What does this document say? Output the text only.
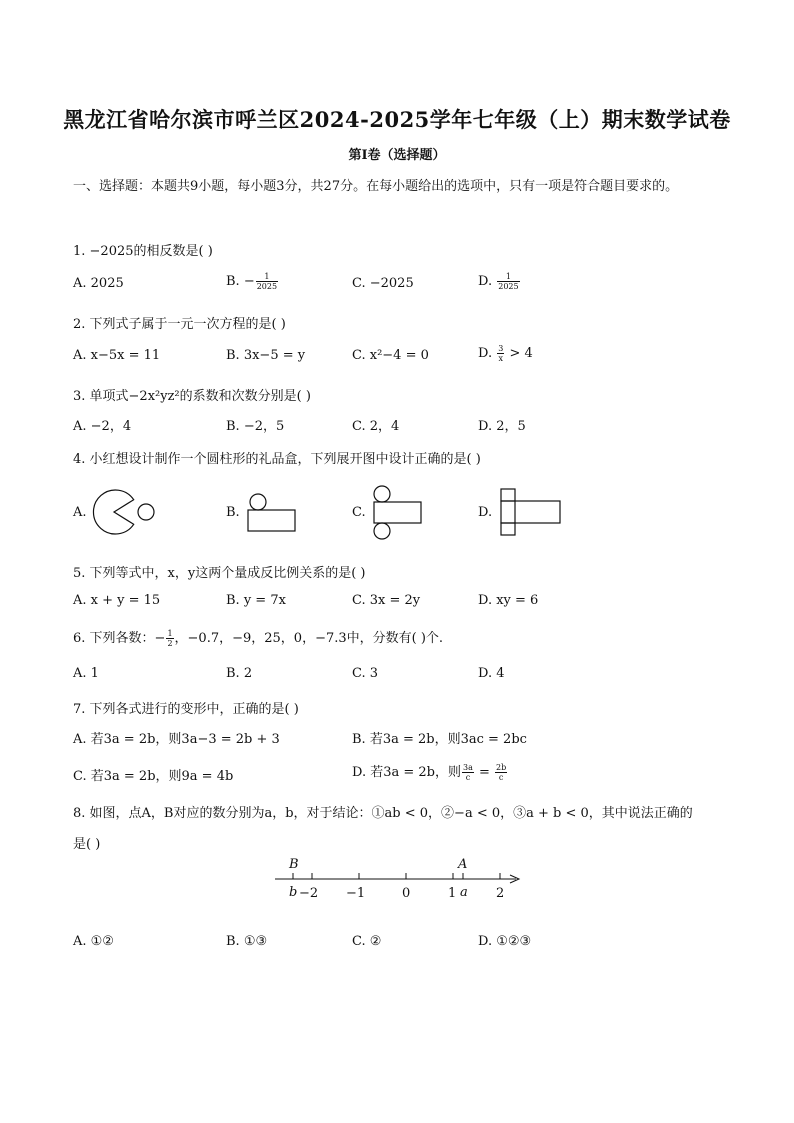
黑龙江省哈尔滨市呼兰区2024-2025学年七年级（上）期末数学试卷
第I卷（选择题）
一、选择题：本题共9小题，每小题3分，共27分。在每小题给出的选项中，只有一项是符合题目要求的。
1. −2025的相反数是( )
A. 2025	B. − $\frac{1}{2025}$	C. −2025	D. $\frac{1}{2025}$
2. 下列式子属于一元一次方程的是( )
A. x−5x = 11	B. 3x−5 = y	C. x²−4 = 0	D. $\frac{3}{x} > 4$
3. 单项式−2x²yz²的系数和次数分别是( )
A. −2，4	B. −2，5	C. 2，4	D. 2，5
4. 小红想设计制作一个圆柱形的礼品盒，下列展开图中设计正确的是( )
A.	B.	C.	D.
5. 下列等式中，x，y这两个量成反比例关系的是( )
A. x + y = 15	B. y = 7x	C. 3x = 2y	D. xy = 6
6. 下列各数：− $\frac{1}{2}$ ，−0.7，−9，25，0，−7.3中，分数有( )个.
A. 1	B. 2	C. 3	D. 4
7. 下列各式进行的变形中，正确的是( )
A. 若3a = 2b，则3a−3 = 2b + 3	B. 若3a = 2b，则3ac = 2bc
C. 若3a = 2b，则9a = 4b	D. 若3a = 2b，则 $\frac{3a}{c} = \frac{2b}{c}$
8. 如图，点A，B对应的数分别为a，b，对于结论：①ab < 0，②−a < 0，③a + b < 0，其中说法正确的
是( )
B	A
b	a
−2 −1	0	1	2
A. ①②	B. ①③	C. ②	D. ①②③
